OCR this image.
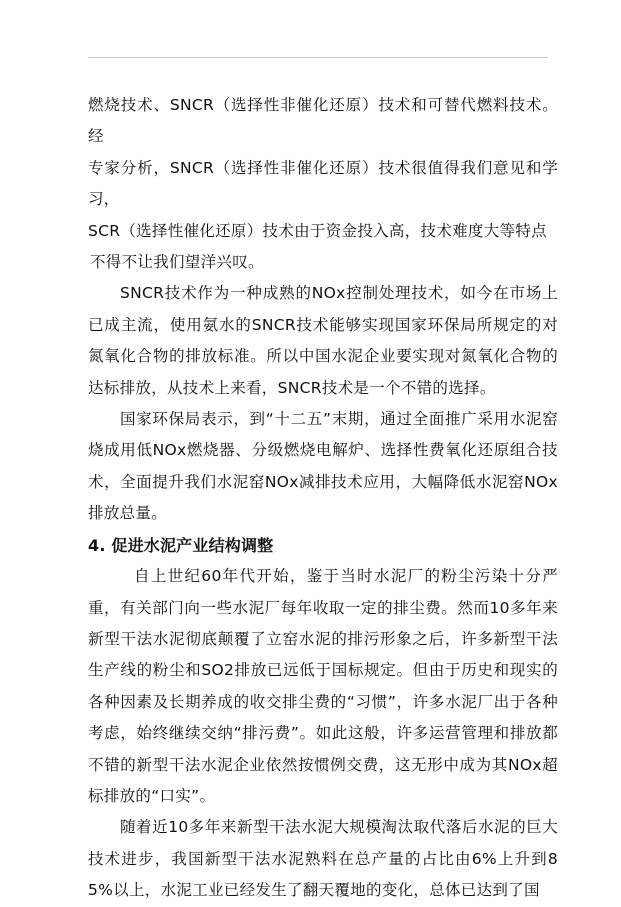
燃烧技术、SNCR（选择性非催化还原）技术和可替代燃料技术。经
专家分析，SNCR（选择性非催化还原）技术很值得我们意见和学习，
SCR（选择性催化还原）技术由于资金投入高，技术难度大等特点
不得不让我们望洋兴叹。

SNCR技术作为一种成熟的NOx控制处理技术，如今在市场上已成主流，使用氨水的SNCR技术能够实现国家环保局所规定的对氮氧化合物的排放标准。所以中国水泥企业要实现对氮氧化合物的达标排放，从技术上来看，SNCR技术是一个不错的选择。

国家环保局表示，到“十二五”末期，通过全面推广采用水泥窑烧成用低NOx燃烧器、分级燃烧电解炉、选择性费氧化还原组合技术，全面提升我们水泥窑NOx减排技术应用，大幅降低水泥窑NOx排放总量。

4. 促进水泥产业结构调整

自上世纪60年代开始，鉴于当时水泥厂的粉尘污染十分严重，有关部门向一些水泥厂每年收取一定的排尘费。然而10多年来新型干法水泥彻底颠覆了立窑水泥的排污形象之后，许多新型干法生产线的粉尘和SO2排放已远低于国标规定。但由于历史和现实的各种因素及长期养成的收交排尘费的“习惯”，许多水泥厂出于各种考虑，始终继续交纳“排污费”。如此这般，许多运营管理和排放都不错的新型干法水泥企业依然按惯例交费，这无形中成为其NOx超标排放的“口实”。

随着近10多年来新型干法水泥大规模淘汰取代落后水泥的巨大技术进步，我国新型干法水泥熟料在总产量的占比由6%上升到85%以上，水泥工业已经发生了翻天覆地的变化，总体已达到了国
